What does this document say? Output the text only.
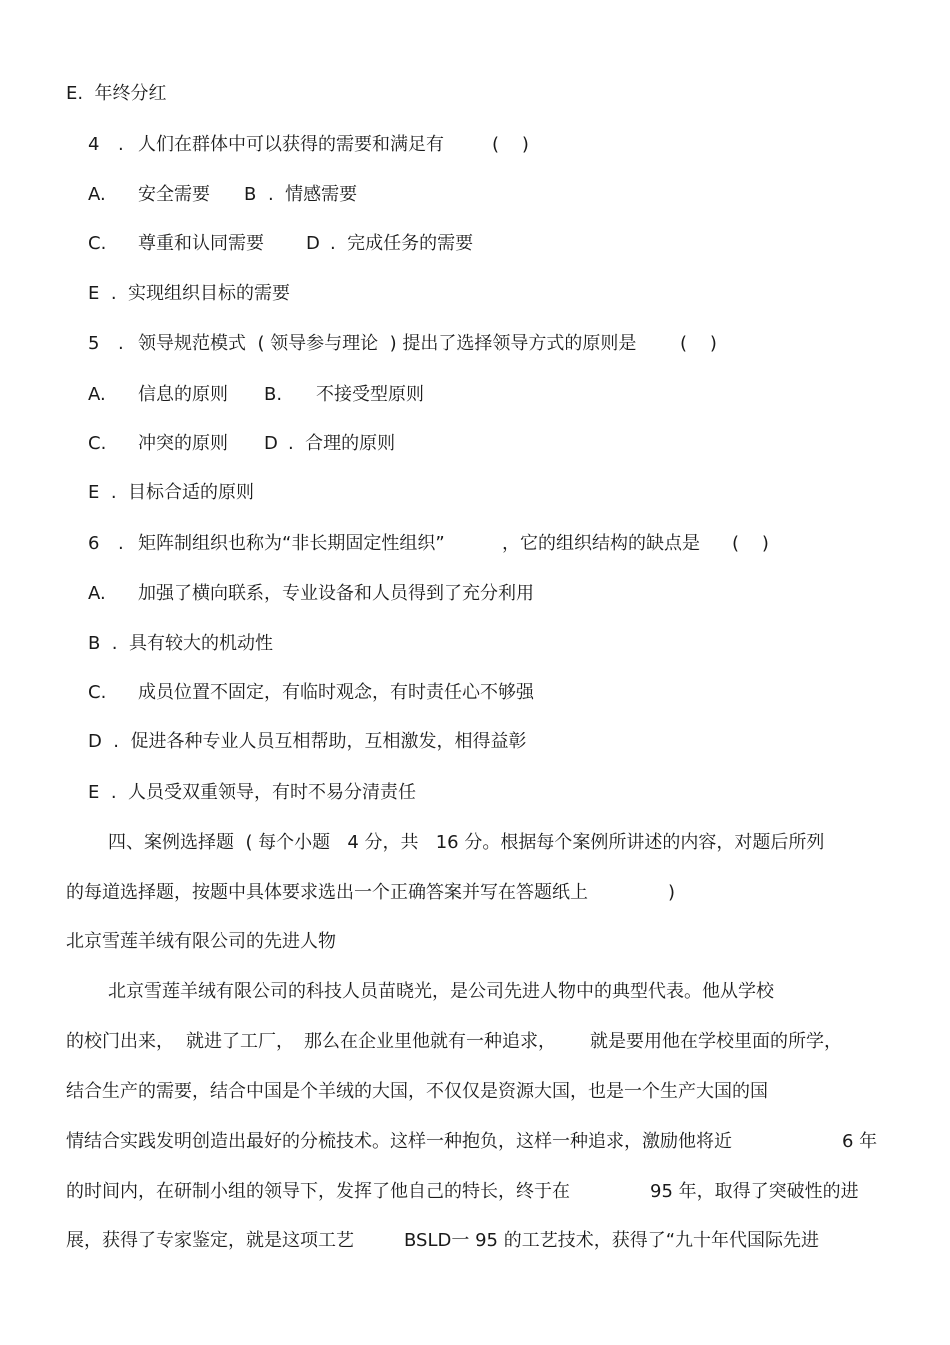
E.  年终分红

4

.

人们在群体中可以获得的需要和满足有

	(    )

A.

安全需要

B

.  情感需要

C.

尊重和认同需要

D

.  完成任务的需要

E  .  实现组织目标的需要

5

.

领导规范模式  ( 领导参与理论  ) 提出了选择领导方式的原则是

(    )

A.

信息的原则

B.

不接受型原则

C.

冲突的原则

D

.  合理的原则

E  .  目标合适的原则

6

.

矩阵制组织也称为“非长期固定性组织”

	，它的组织结构的缺点是

(    )

A.

加强了横向联系，专业设备和人员得到了充分利用

B  .  具有较大的机动性

C.

成员位置不固定，有临时观念，有时责任心不够强

D  .  促进各种专业人员互相帮助，互相激发，相得益彰

E  .  人员受双重领导，有时不易分清责任

四、案例选择题  ( 每个小题   4 分，共   16 分。根据每个案例所讲述的内容，对题后所列

的每道选择题，按题中具体要求选出一个正确答案并写在答题纸上

	)

北京雪莲羊绒有限公司的先进人物

北京雪莲羊绒有限公司的科技人员苗晓光，是公司先进人物中的典型代表。他从学校

的校门出来，

就进了工厂，

那么在企业里他就有一种追求，

就是要用他在学校里面的所学，

结合生产的需要，结合中国是个羊绒的大国，不仅仅是资源大国，也是一个生产大国的国

情结合实践发明创造出最好的分梳技术。这样一种抱负，这样一种追求，激励他将近

	6 年

的时间内，在研制小组的领导下，发挥了他自己的特长，终于在

	95 年，取得了突破性的进

展，获得了专家鉴定，就是这项工艺

	BSLD一 95 的工艺技术，获得了“九十年代国际先进
